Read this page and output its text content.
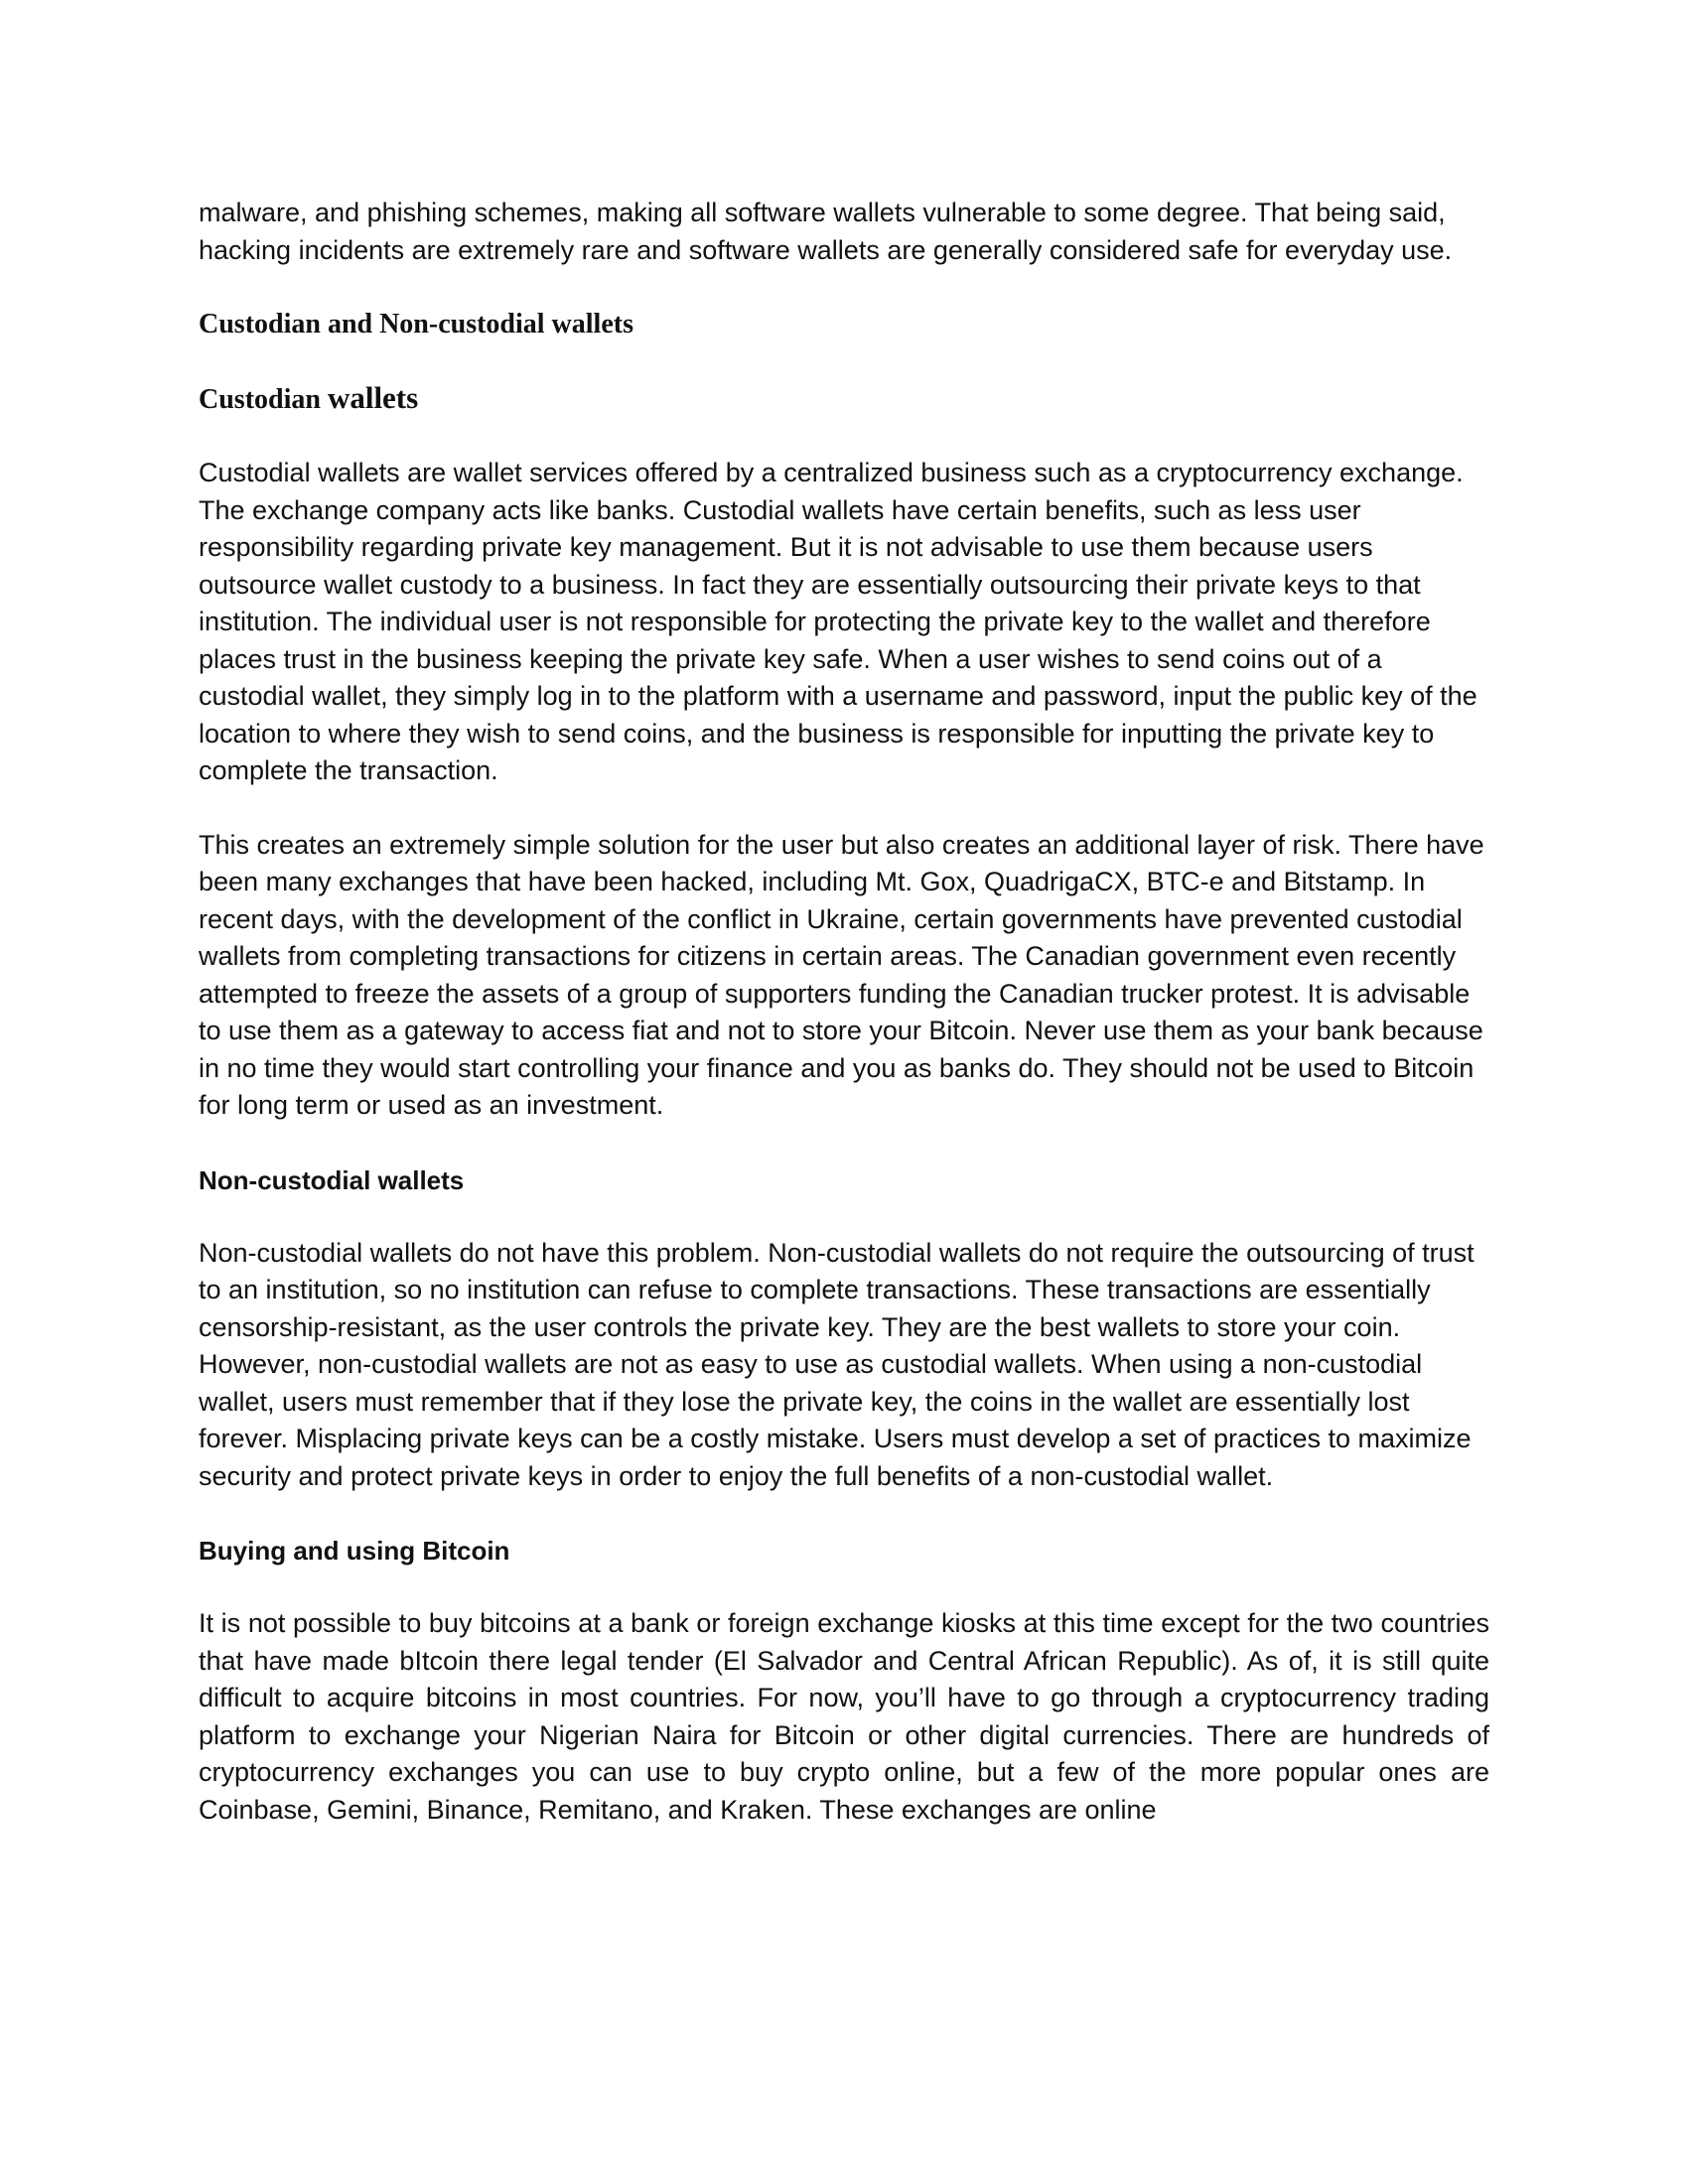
malware, and phishing schemes, making all software wallets vulnerable to some degree. That being said, hacking incidents are extremely rare and software wallets are generally considered safe for everyday use.

Custodian and Non-custodial wallets
Custodian wallets

Custodial wallets are wallet services offered by a centralized business such as a cryptocurrency exchange. The exchange company acts like banks. Custodial wallets have certain benefits, such as less user responsibility regarding private key management. But it is not advisable to use them because users outsource wallet custody to a business. In fact they are essentially outsourcing their private keys to that institution. The individual user is not responsible for protecting the private key to the wallet and therefore places trust in the business keeping the private key safe. When a user wishes to send coins out of a custodial wallet, they simply log in to the platform with a username and password, input the public key of the location to where they wish to send coins, and the business is responsible for inputting the private key to complete the transaction.

This creates an extremely simple solution for the user but also creates an additional layer of risk. There have been many exchanges that have been hacked, including Mt. Gox, QuadrigaCX, BTC-e and Bitstamp. In recent days, with the development of the conflict in Ukraine, certain governments have prevented custodial wallets from completing transactions for citizens in certain areas. The Canadian government even recently attempted to freeze the assets of a group of supporters funding the Canadian trucker protest. It is advisable to use them as a gateway to access fiat and not to store your Bitcoin. Never use them as your bank because in no time they would start controlling your finance and you as banks do. They should not be used to Bitcoin for long term or used as an investment.

Non-custodial wallets

Non-custodial wallets do not have this problem. Non-custodial wallets do not require the outsourcing of trust to an institution, so no institution can refuse to complete transactions. These transactions are essentially censorship-resistant, as the user controls the private key. They are the best wallets to store your coin. However, non-custodial wallets are not as easy to use as custodial wallets. When using a non-custodial wallet, users must remember that if they lose the private key, the coins in the wallet are essentially lost forever. Misplacing private keys can be a costly mistake. Users must develop a set of practices to maximize security and protect private keys in order to enjoy the full benefits of a non-custodial wallet.

Buying and using Bitcoin

It is not possible to buy bitcoins at a bank or foreign exchange kiosks at this time except for the two countries that have made bItcoin there legal tender (El Salvador and Central African Republic). As of, it is still quite difficult to acquire bitcoins in most countries. For now, you’ll have to go through a cryptocurrency trading platform to exchange your Nigerian Naira for Bitcoin or other digital currencies. There are hundreds of cryptocurrency exchanges you can use to buy crypto online, but a few of the more popular ones are Coinbase, Gemini, Binance, Remitano, and Kraken. These exchanges are online
